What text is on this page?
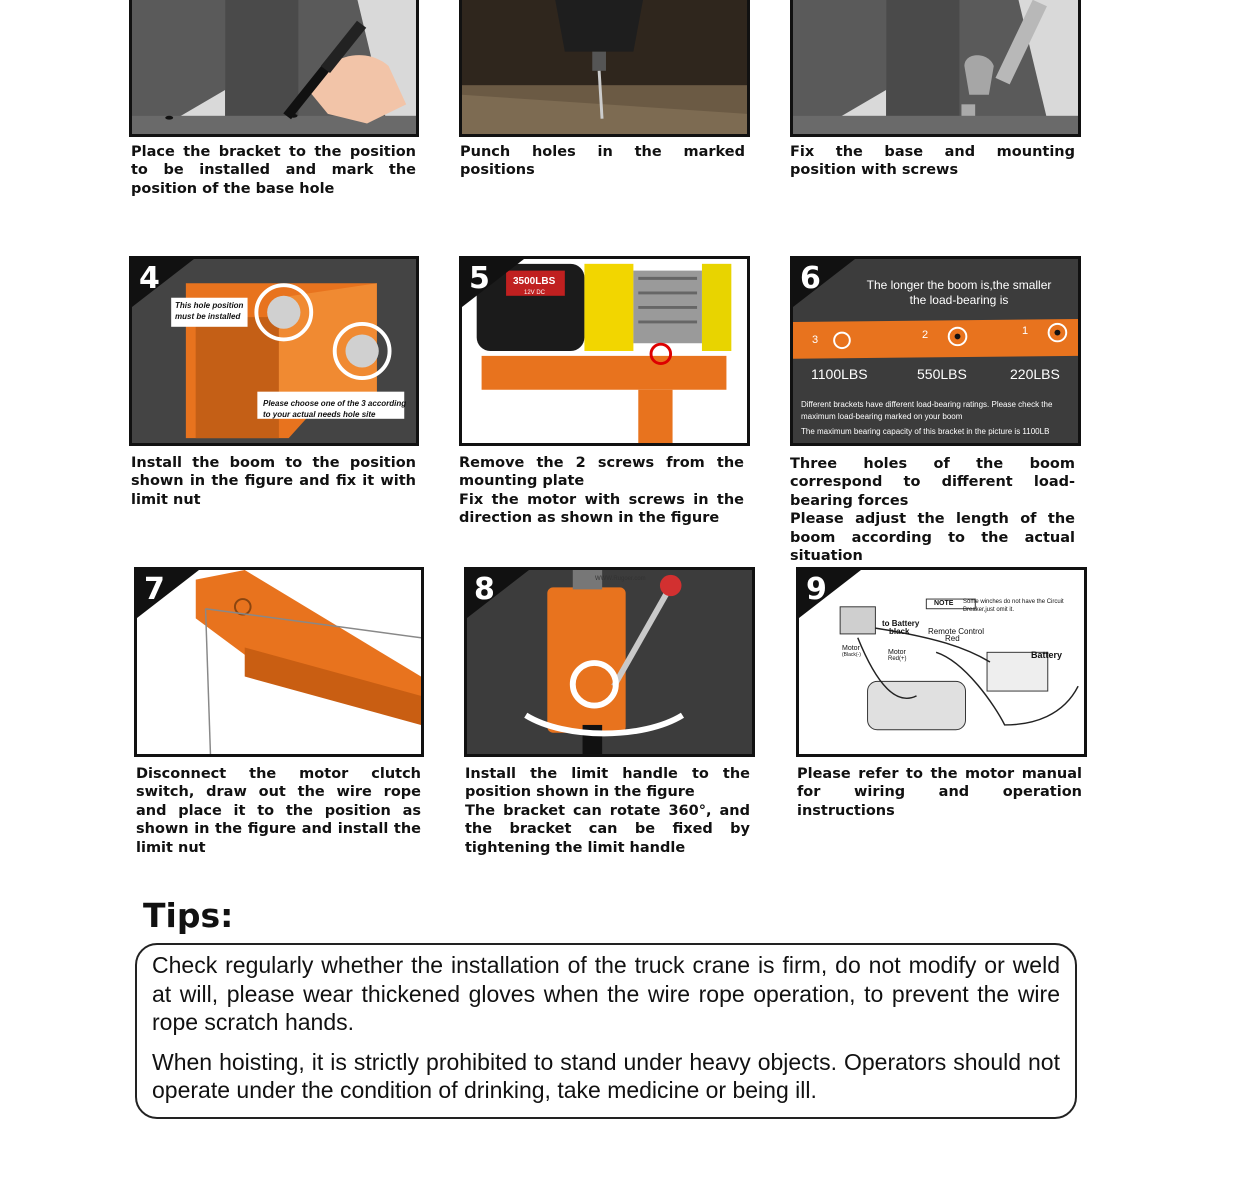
Place the bracket to the position to be installed and mark the position of the base hole

Punch holes in the marked positions

Fix the base and mounting position with screws

4
This hole position must be installed
Please choose one of the 3 according to your actual needs hole site
5 3500LBS
12V DC	6	The longer the boom is,the smaller the load-bearing is
3	2	1
1100LBS	550LBS	220LBS
Different brackets have different load-bearing ratings. Please check the maximum load-bearing marked on your boom
The maximum bearing capacity of this bracket in the picture is 1100LB

Install the boom to the position shown in the figure and fix it with limit nut

Remove the 2 screws from the mounting plate

Fix the motor with screws in the direction as shown in the figure

Three holes of the boom correspond to different load-bearing forces

Please adjust the length of the boom according to the actual situation

7	8	WWW.Rugoer.com	9	NOTE Some winches do not have the Circuit Breaker,just omit it.
to Battery
black Remote Control
Red
Battery
Motor
(Black(-)	Motor
Red(+)

Disconnect the motor clutch switch, draw out the wire rope and place it to the position as shown in the figure and install the limit nut

Install the limit handle to the position shown in the figure

The bracket can rotate 360°, and the bracket can be fixed by tightening the limit handle

Please refer to the motor manual for wiring and operation instructions

Tips:

Check regularly whether the installation of the truck crane is firm, do not modify or weld at will, please wear thickened gloves when the wire rope operation, to prevent the wire rope scratch hands.

When hoisting, it is strictly prohibited to stand under heavy objects. Operators should not operate under the condition of drinking, take medicine or being ill.
